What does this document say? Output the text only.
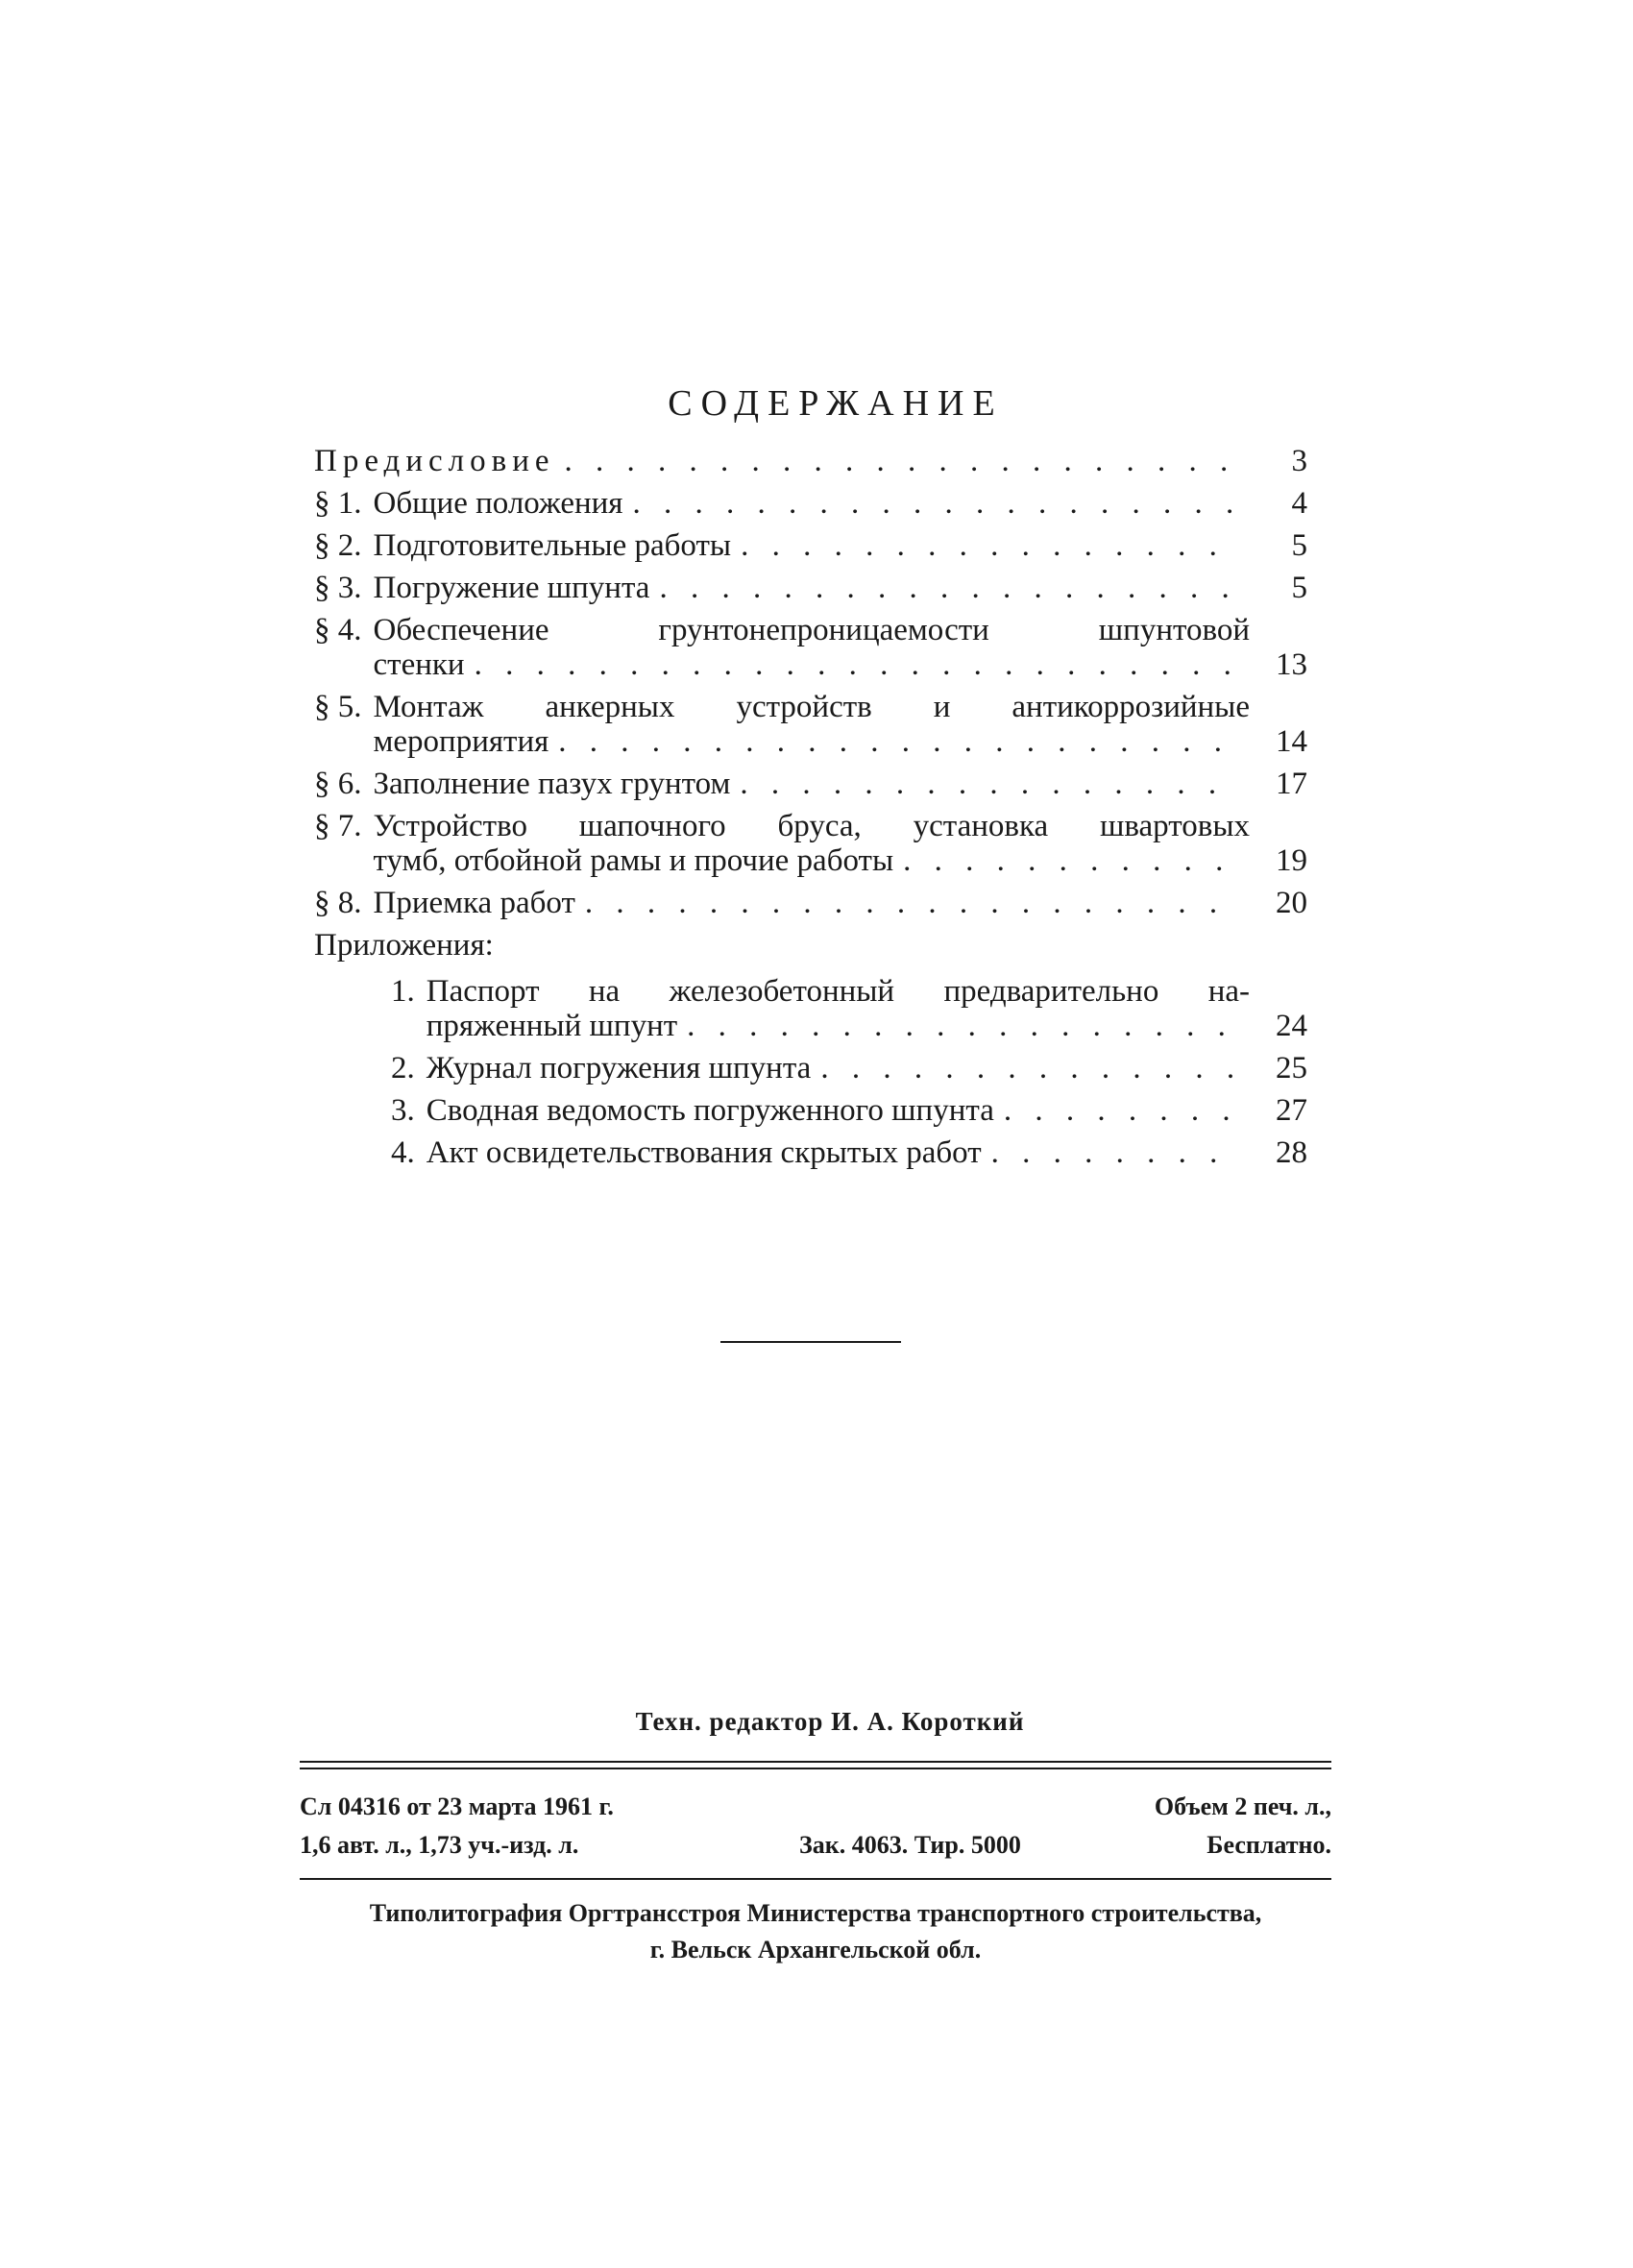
СОДЕРЖАНИЕ
Предисловие . . .	3
§ 1. Общие положения . . .	4
§ 2. Подготовительные работы . . .	5
§ 3. Погружение шпунта . . .	5
§ 4. Обеспечение грунтонепроницаемости шпунтовой
стенки . . .	13
§ 5. Монтаж анкерных устройств и антикоррозийные
мероприятия . . .	14
§ 6. Заполнение пазух грунтом . . .	17
§ 7. Устройство шапочного бруса, установка швартовых
тумб, отбойной рамы и прочие работы . . .	19
§ 8. Приемка работ . . .	20
Приложения:
1. Паспорт на железобетонный предварительно на-
пряженный шпунт . . .	24
2. Журнал погружения шпунта . . .	25
3. Сводная ведомость погруженного шпунта . . .	27
4. Акт освидетельствования скрытых работ . . .	28
Техн. редактор И. А. Короткий
Сл 04316 от 23 марта 1961 г.	Объем 2 печ. л.,
1,6 авт. л., 1,73 уч.-изд. л.	Зак. 4063. Тир. 5000	Бесплатно.
Типолитография Оргтрансстроя Министерства транспортного строительства,
г. Вельск Архангельской обл.
